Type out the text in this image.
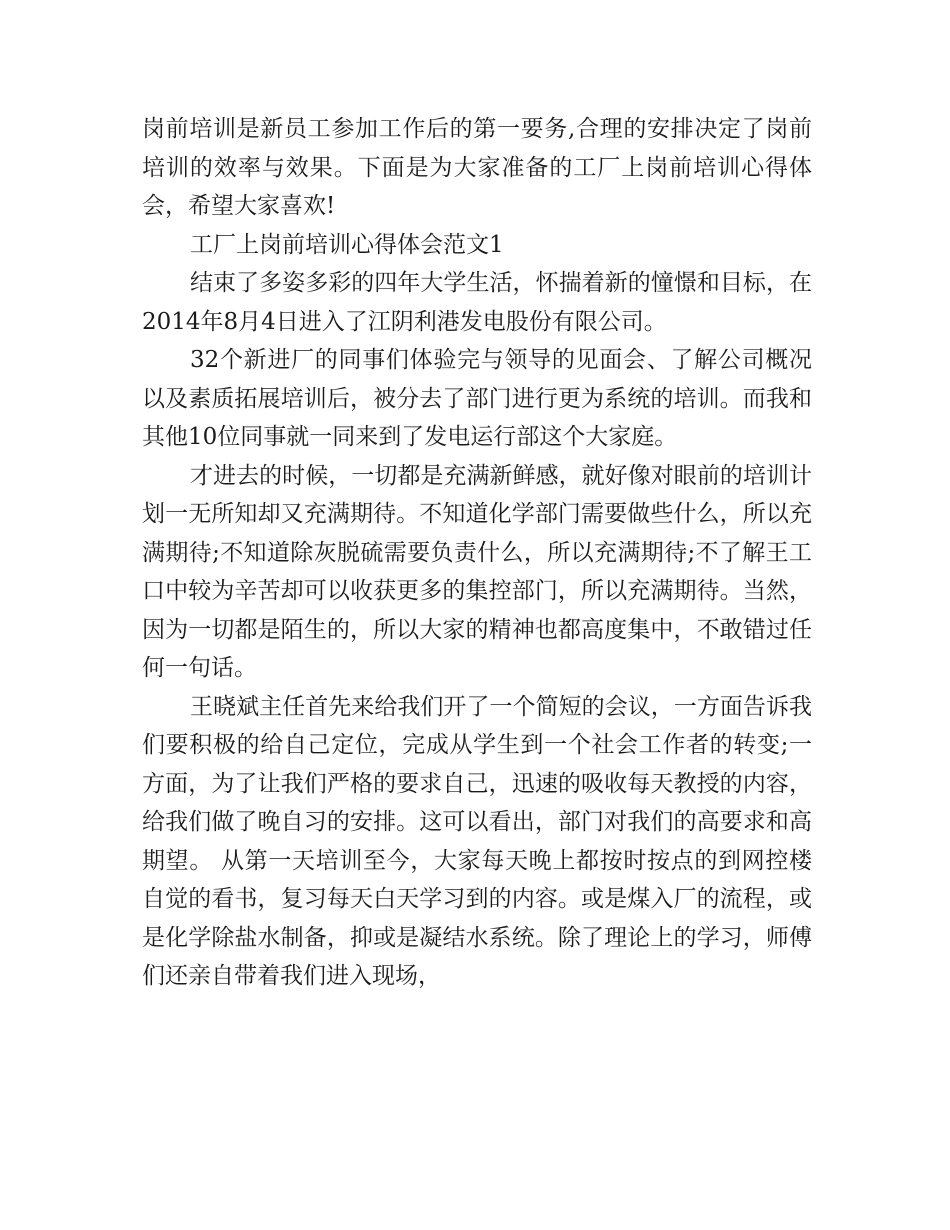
岗前培训是新员工参加工作后的第一要务,合理的安排决定了岗前培训的效率与效果。下面是为大家准备的工厂上岗前培训心得体会，希望大家喜欢!

工厂上岗前培训心得体会范文1

结束了多姿多彩的四年大学生活，怀揣着新的憧憬和目标，在2014年8月4日进入了江阴利港发电股份有限公司。

32个新进厂的同事们体验完与领导的见面会、了解公司概况以及素质拓展培训后，被分去了部门进行更为系统的培训。而我和其他10位同事就一同来到了发电运行部这个大家庭。

才进去的时候，一切都是充满新鲜感，就好像对眼前的培训计划一无所知却又充满期待。不知道化学部门需要做些什么，所以充满期待;不知道除灰脱硫需要负责什么，所以充满期待;不了解王工口中较为辛苦却可以收获更多的集控部门，所以充满期待。当然，因为一切都是陌生的，所以大家的精神也都高度集中，不敢错过任何一句话。

王晓斌主任首先来给我们开了一个简短的会议，一方面告诉我们要积极的给自己定位，完成从学生到一个社会工作者的转变;一方面，为了让我们严格的要求自己，迅速的吸收每天教授的内容，给我们做了晚自习的安排。这可以看出，部门对我们的高要求和高期望。 从第一天培训至今，大家每天晚上都按时按点的到网控楼自觉的看书，复习每天白天学习到的内容。或是煤入厂的流程，或是化学除盐水制备，抑或是凝结水系统。除了理论上的学习，师傅们还亲自带着我们进入现场，
